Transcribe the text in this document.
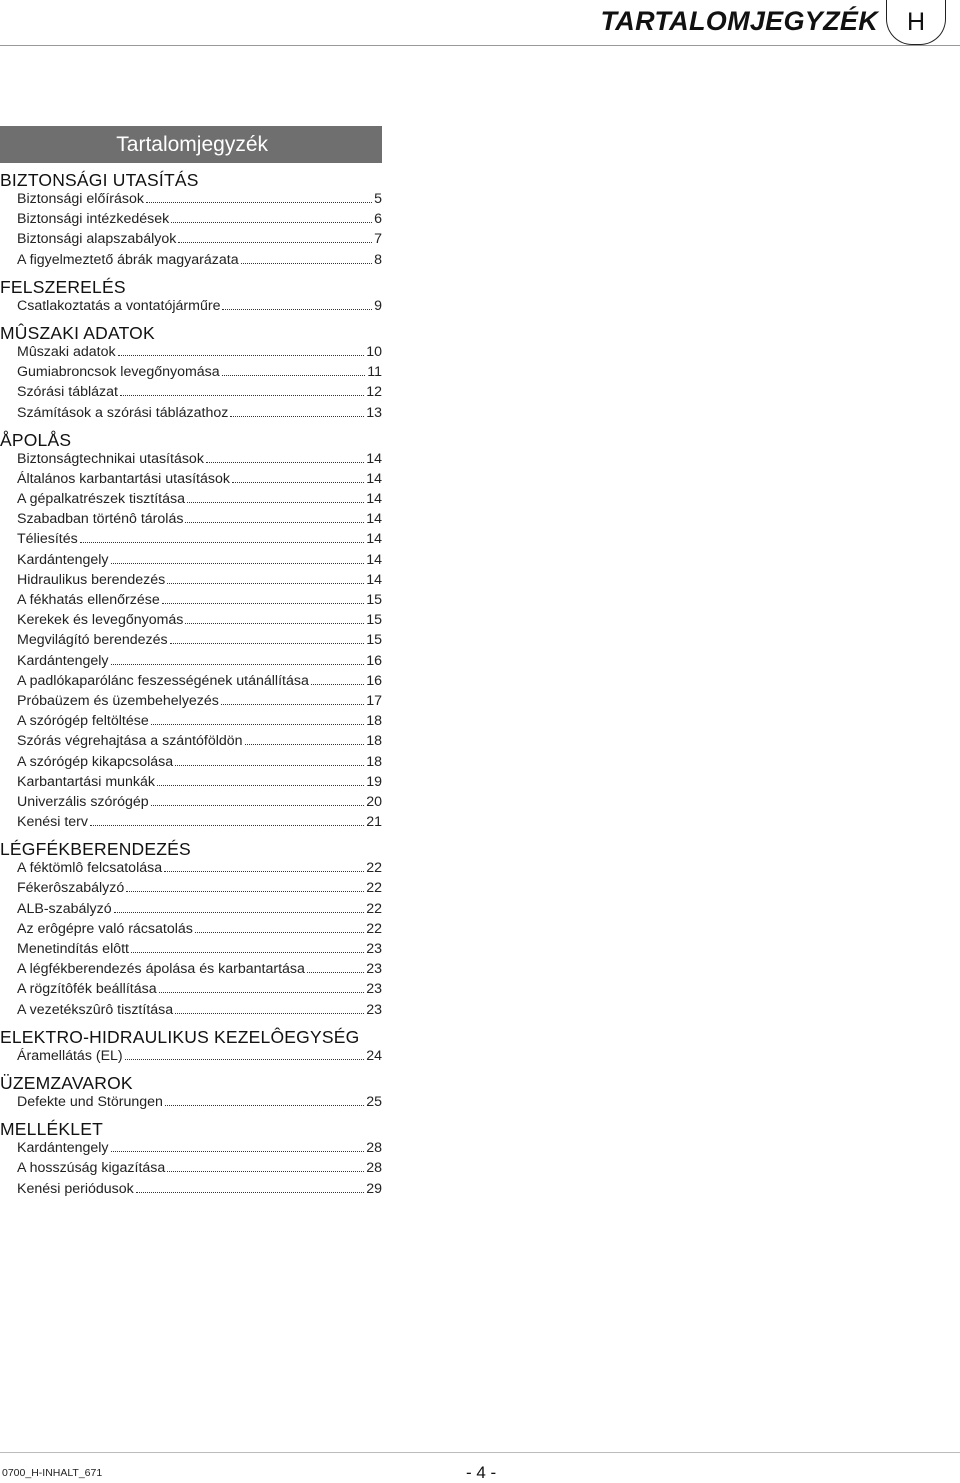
TARTALOMJEGYZÉK	H
Tartalomjegyzék
BIZTONSÁGI UTASÍTÁS
Biztonsági előírások	5
Biztonsági intézkedések	6
Biztonsági alapszabályok	7
A figyelmeztető ábrák magyarázata	8
FELSZERELÉS
Csatlakoztatás a vontatójárműre	9
MÛSZAKI ADATOK
Mûszaki adatok	10
Gumiabroncsok levegőnyomása	11
Szórási táblázat	12
Számítások a szórási táblázathoz	13
ÅPOLÅS
Biztonságtechnikai utasítások	14
Általános karbantartási utasítások	14
A gépalkatrészek tisztítása	14
Szabadban történô tárolás	14
Téliesítés	14
Kardántengely	14
Hidraulikus berendezés	14
A fékhatás ellenőrzése	15
Kerekek és levegőnyomás	15
Megvilágító berendezés	15
Kardántengely	16
A padlókaparólánc feszességének utánállítása	16
Próbaüzem és üzembehelyezés	17
A szórógép feltöltése	18
Szórás végrehajtása a szántóföldön	18
A szórógép kikapcsolása	18
Karbantartási munkák	19
Univerzális szórógép	20
Kenési terv	21
LÉGFÉKBERENDEZÉS
A féktömlô felcsatolása	22
Fékerôszabályzó	22
ALB-szabályzó	22
Az erôgépre való rácsatolás	22
Menetindítás elôtt	23
A légfékberendezés ápolása és karbantartása	23
A rögzítôfék beállítása	23
A vezetékszûrô tisztítása	23
ELEKTRO-HIDRAULIKUS KEZELÔEGYSÉG
Áramellátás (EL)	24
ÜZEMZAVAROK
Defekte und Störungen	25
MELLÉKLET
Kardántengely	28
A hosszúság kigazítása	28
Kenési periódusok	29
0700_H-INHALT_671	- 4 -
